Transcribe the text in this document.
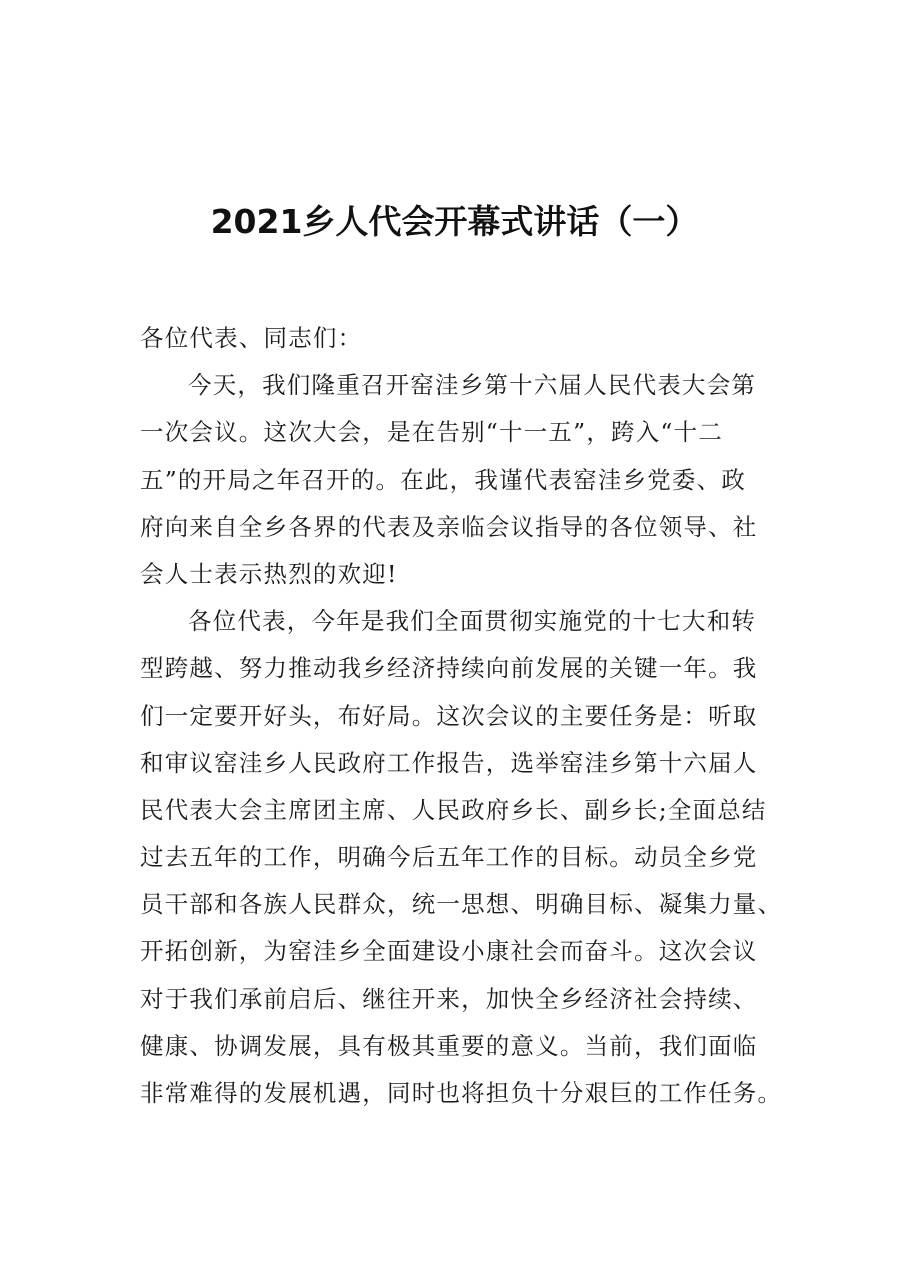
2021乡人代会开幕式讲话（一）
各位代表、同志们：
今天，我们隆重召开窑洼乡第十六届人民代表大会第
一次会议。这次大会，是在告别“十一五”，跨入“十二
五”的开局之年召开的。在此，我谨代表窑洼乡党委、政
府向来自全乡各界的代表及亲临会议指导的各位领导、社
会人士表示热烈的欢迎!
各位代表，今年是我们全面贯彻实施党的十七大和转
型跨越、努力推动我乡经济持续向前发展的关键一年。我
们一定要开好头，布好局。这次会议的主要任务是：听取
和审议窑洼乡人民政府工作报告，选举窑洼乡第十六届人
民代表大会主席团主席、人民政府乡长、副乡长;全面总结
过去五年的工作，明确今后五年工作的目标。动员全乡党
员干部和各族人民群众，统一思想、明确目标、凝集力量、
开拓创新，为窑洼乡全面建设小康社会而奋斗。这次会议
对于我们承前启后、继往开来，加快全乡经济社会持续、
健康、协调发展，具有极其重要的意义。当前，我们面临
非常难得的发展机遇，同时也将担负十分艰巨的工作任务。
